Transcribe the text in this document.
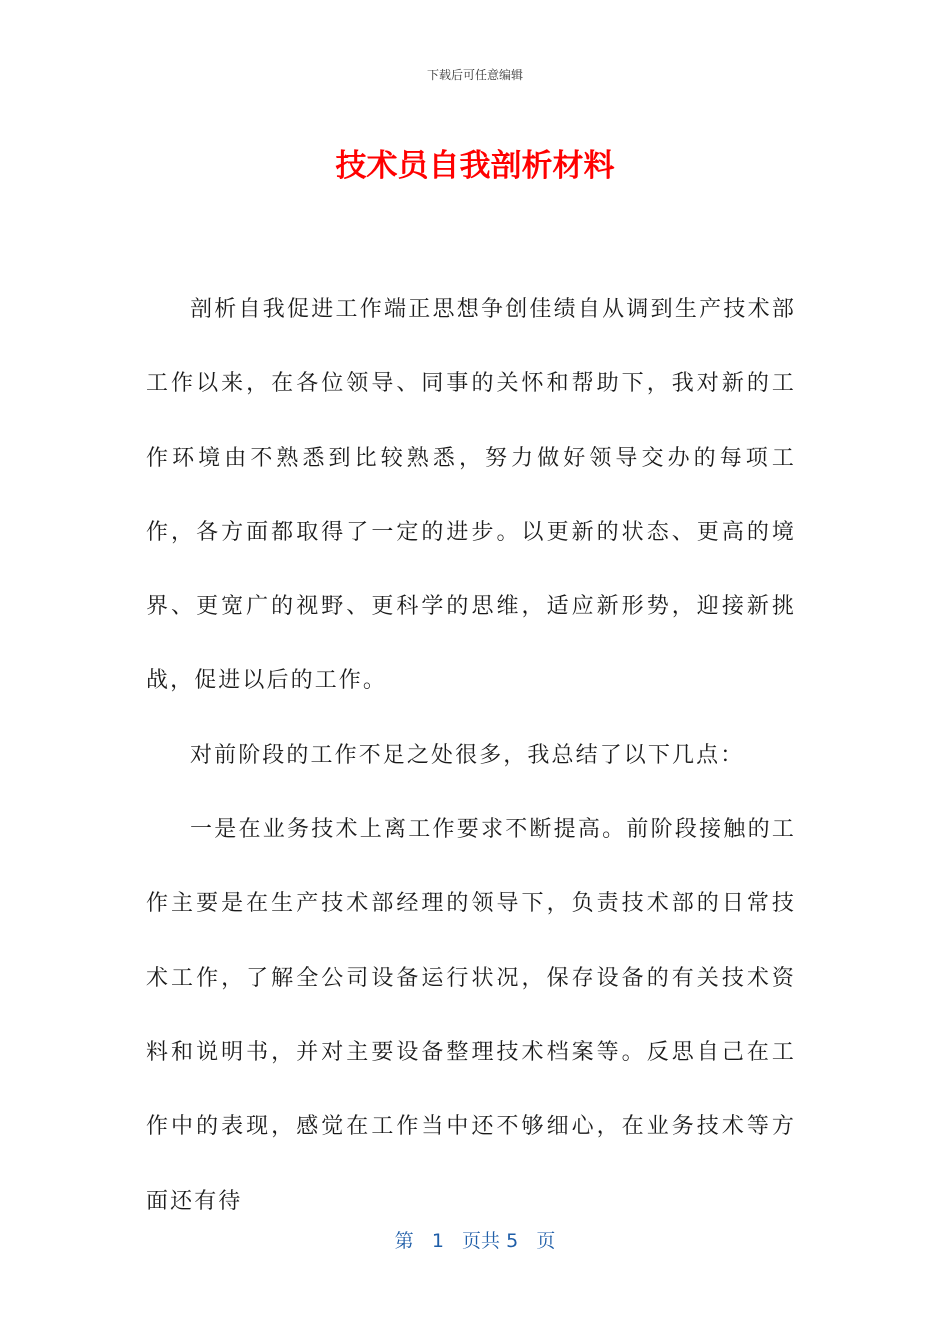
下载后可任意编辑
技术员自我剖析材料

剖析自我促进工作端正思想争创佳绩自从调到生产技术部工作以来，在各位领导、同事的关怀和帮助下，我对新的工作环境由不熟悉到比较熟悉，努力做好领导交办的每项工作，各方面都取得了一定的进步。以更新的状态、更高的境界、更宽广的视野、更科学的思维，适应新形势，迎接新挑战，促进以后的工作。

对前阶段的工作不足之处很多，我总结了以下几点：

一是在业务技术上离工作要求不断提高。前阶段接触的工作主要是在生产技术部经理的领导下，负责技术部的日常技术工作，了解全公司设备运行状况，保存设备的有关技术资料和说明书，并对主要设备整理技术档案等。反思自己在工作中的表现，感觉在工作当中还不够细心，在业务技术等方面还有待

第 1 页共 5 页
